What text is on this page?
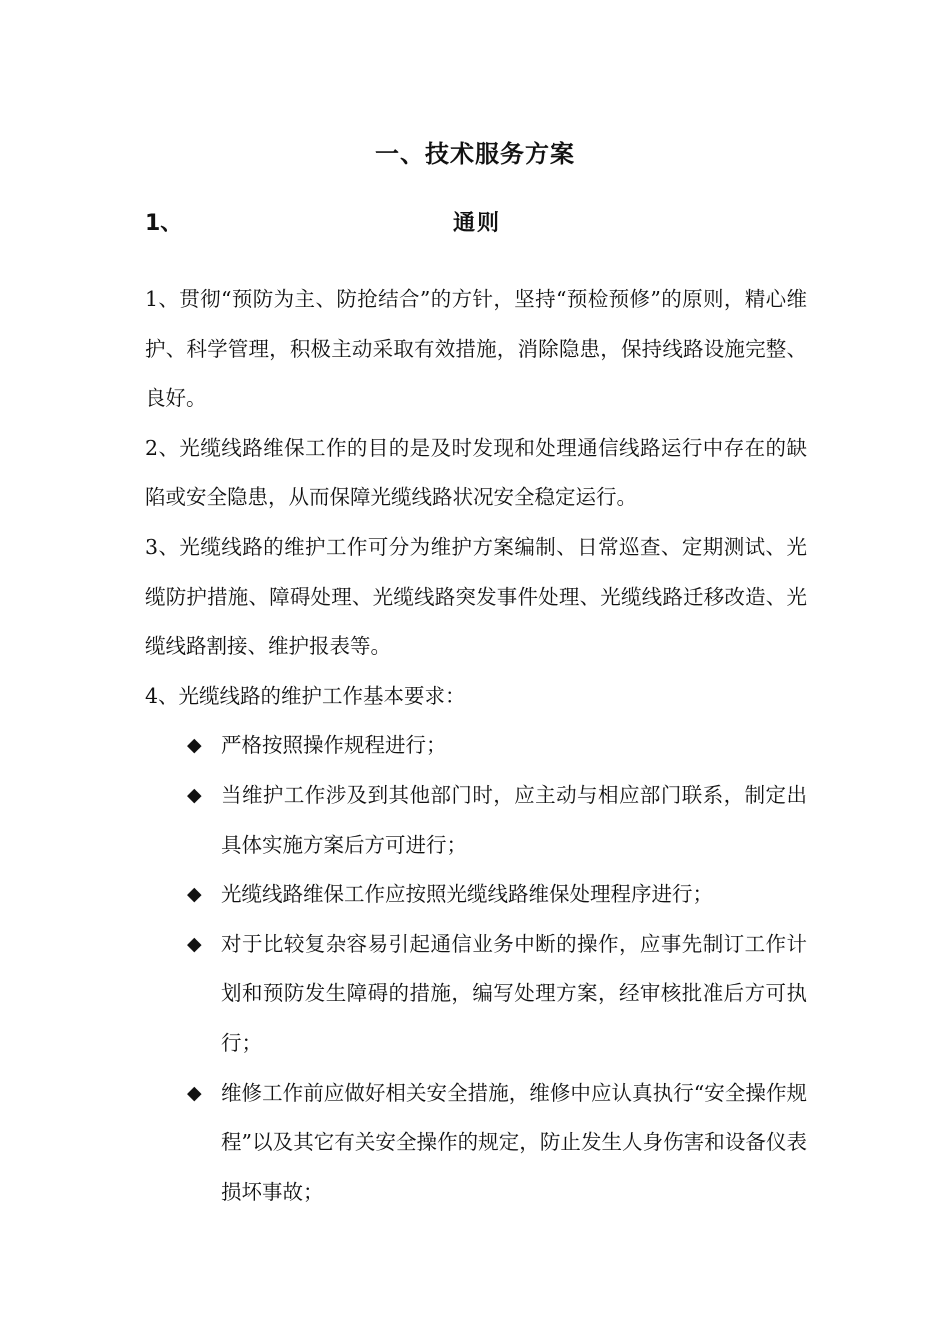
一、技术服务方案
1、	通则

1、贯彻“预防为主、防抢结合”的方针，坚持“预检预修”的原则，精心维护、科学管理，积极主动采取有效措施，消除隐患，保持线路设施完整、良好。

2、光缆线路维保工作的目的是及时发现和处理通信线路运行中存在的缺陷或安全隐患，从而保障光缆线路状况安全稳定运行。

3、光缆线路的维护工作可分为维护方案编制、日常巡查、定期测试、光缆防护措施、障碍处理、光缆线路突发事件处理、光缆线路迁移改造、光缆线路割接、维护报表等。

4、光缆线路的维护工作基本要求：

◆ 严格按照操作规程进行；
◆ 当维护工作涉及到其他部门时，应主动与相应部门联系，制定出具体实施方案后方可进行；
◆ 光缆线路维保工作应按照光缆线路维保处理程序进行；
◆ 对于比较复杂容易引起通信业务中断的操作，应事先制订工作计划和预防发生障碍的措施，编写处理方案，经审核批准后方可执行；
◆ 维修工作前应做好相关安全措施，维修中应认真执行“安全操作规程”以及其它有关安全操作的规定，防止发生人身伤害和设备仪表损坏事故；
